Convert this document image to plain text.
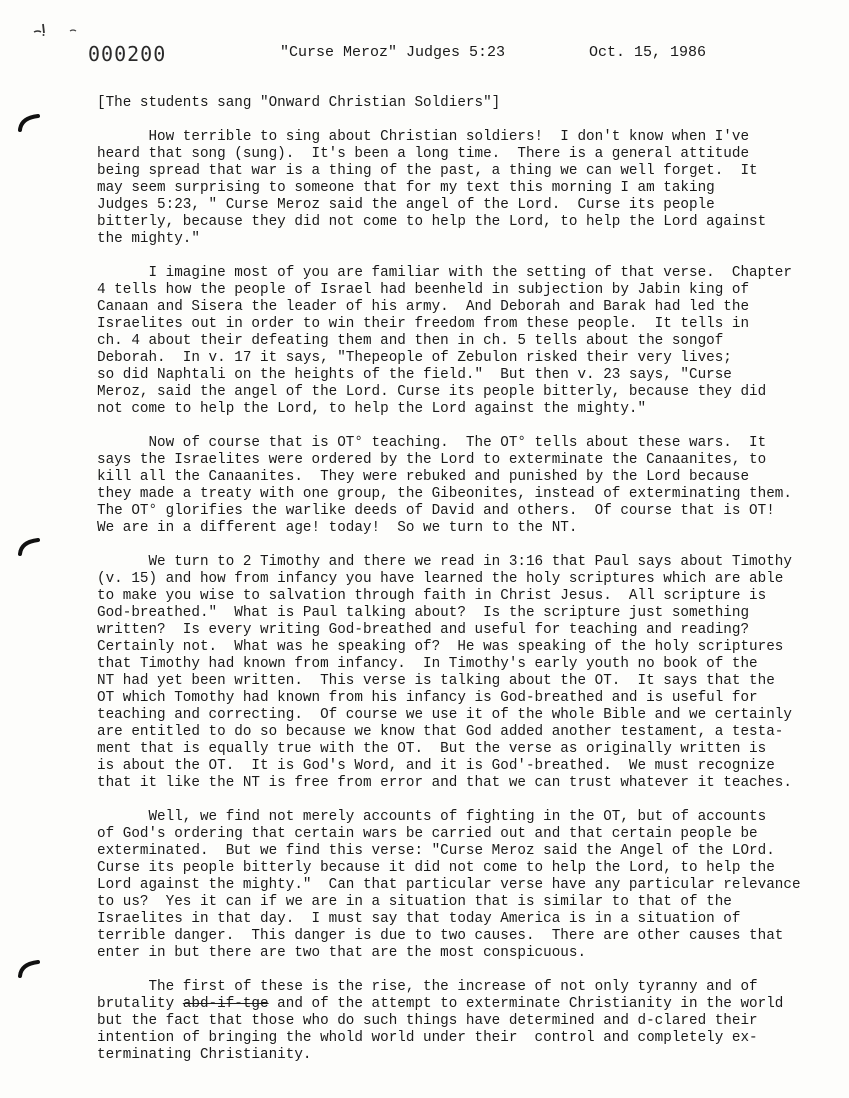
000200	"Curse Meroz" Judges 5:23	Oct. 15, 1986
[The students sang "Onward Christian Soldiers"]
How terrible to sing about Christian soldiers!  I don't know when I've
heard that song (sung).  It's been a long time.  There is a general attitude
being spread that war is a thing of the past, a thing we can well forget.  It
may seem surprising to someone that for my text this morning I am taking
Judges 5:23, " Curse Meroz said the angel of the Lord.  Curse its people
bitterly, because they did not come to help the Lord, to help the Lord against
the mighty."
I imagine most of you are familiar with the setting of that verse.  Chapter
4 tells how the people of Israel had beenheld in subjection by Jabin king of
Canaan and Sisera the leader of his army.  And Deborah and Barak had led the
Israelites out in order to win their freedom from these people.  It tells in
ch. 4 about their defeating them and then in ch. 5 tells about the songof
Deborah.  In v. 17 it says, "Thepeople of Zebulon risked their very lives;
so did Naphtali on the heights of the field."  But then v. 23 says, "Curse
Meroz, said the angel of the Lord. Curse its people bitterly, because they did
not come to help the Lord, to help the Lord against the mighty."
Now of course that is OT° teaching.  The OT° tells about these wars.  It
says the Israelites were ordered by the Lord to exterminate the Canaanites, to
kill all the Canaanites.  They were rebuked and punished by the Lord because
they made a treaty with one group, the Gibeonites, instead of exterminating them.
The OT° glorifies the warlike deeds of David and others.  Of course that is OT!
We are in a different age! today!  So we turn to the NT.
We turn to 2 Timothy and there we read in 3:16 that Paul says about Timothy
(v. 15) and how from infancy you have learned the holy scriptures which are able
to make you wise to salvation through faith in Christ Jesus.  All scripture is
God-breathed."  What is Paul talking about?  Is the scripture just something
written?  Is every writing God-breathed and useful for teaching and reading?
Certainly not.  What was he speaking of?  He was speaking of the holy scriptures
that Timothy had known from infancy.  In Timothy's early youth no book of the
NT had yet been written.  This verse is talking about the OT.  It says that the
OT which Tomothy had known from his infancy is God-breathed and is useful for
teaching and correcting.  Of course we use it of the whole Bible and we certainly
are entitled to do so because we know that God added another testament, a testa-
ment that is equally true with the OT.  But the verse as originally written is
is about the OT.  It is God's Word, and it is God'-breathed.  We must recognize
that it like the NT is free from error and that we can trust whatever it teaches.
Well, we find not merely accounts of fighting in the OT, but of accounts
of God's ordering that certain wars be carried out and that certain people be
exterminated.  But we find this verse: "Curse Meroz said the Angel of the LOrd.
Curse its people bitterly because it did not come to help the Lord, to help the
Lord against the mighty."  Can that particular verse have any particular relevance
to us?  Yes it can if we are in a situation that is similar to that of the
Israelites in that day.  I must say that today America is in a situation of
terrible danger.  This danger is due to two causes.  There are other causes that
enter in but there are two that are the most conspicuous.
The first of these is the rise, the increase of not only tyranny and of
brutality abd-if-tge and of the attempt to exterminate Christianity in the world
but the fact that those who do such things have determined and d-clared their
intention of bringing the whold world under their  control and completely ex-
terminating Christianity.
